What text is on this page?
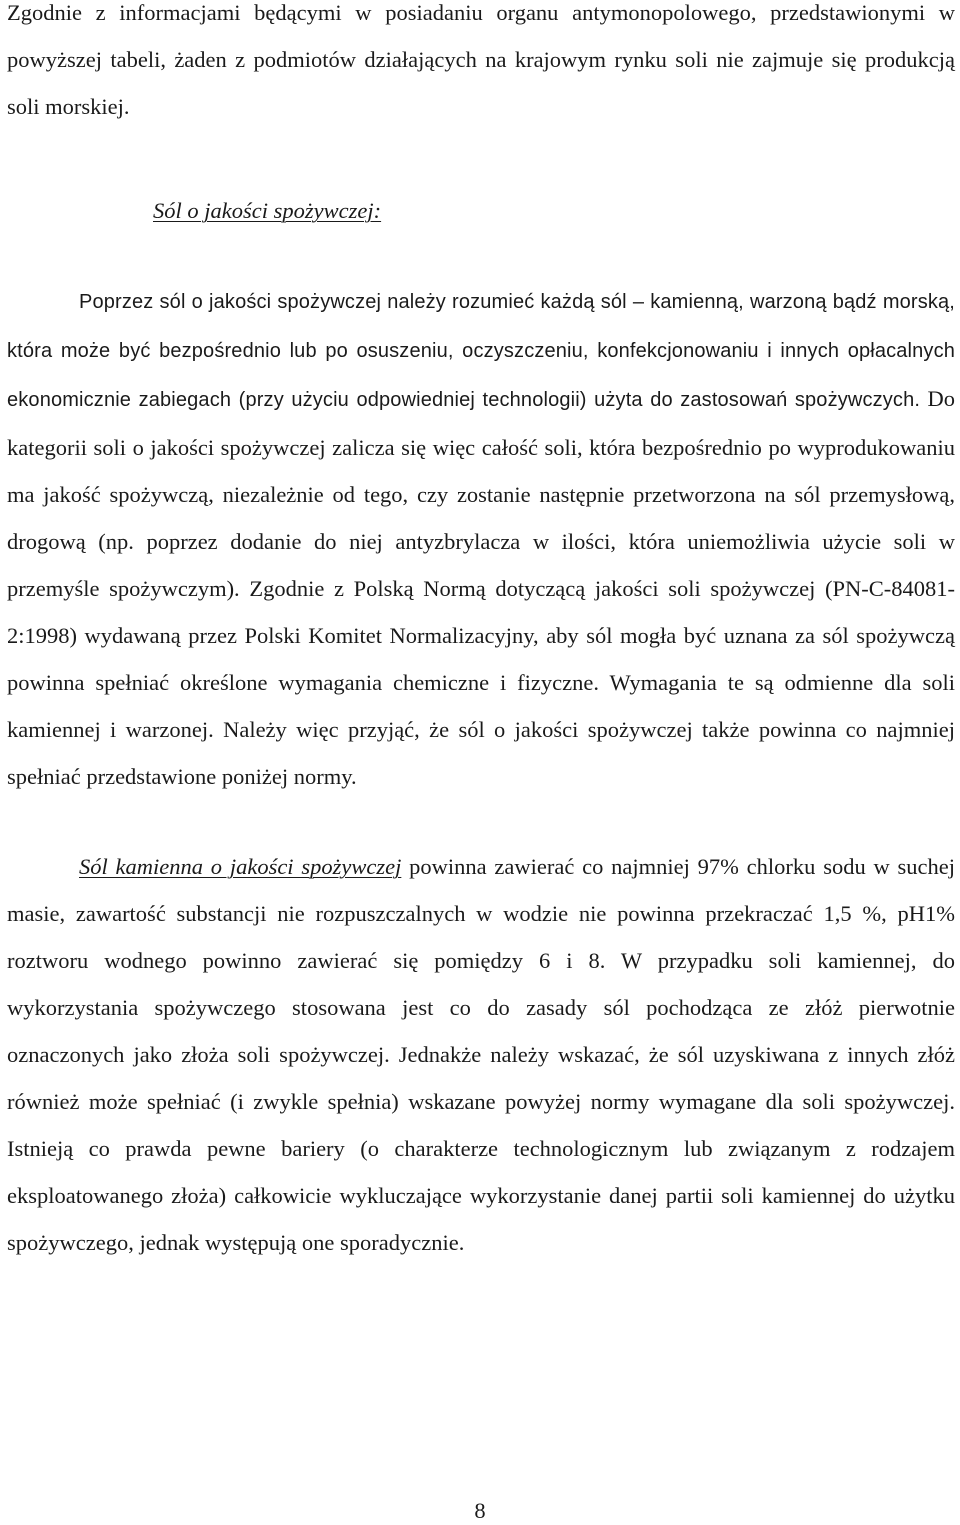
Zgodnie z informacjami będącymi w posiadaniu organu antymonopolowego, przedstawionymi w powyższej tabeli, żaden z podmiotów działających na krajowym rynku soli nie zajmuje się produkcją soli morskiej.

Sól o jakości spożywczej:

Poprzez sól o jakości spożywczej należy rozumieć każdą sól – kamienną, warzoną bądź morską, która może być bezpośrednio lub po osuszeniu, oczyszczeniu, konfekcjonowaniu i innych opłacalnych ekonomicznie zabiegach (przy użyciu odpowiedniej technologii) użyta do zastosowań spożywczych. Do kategorii soli o jakości spożywczej zalicza się więc całość soli, która bezpośrednio po wyprodukowaniu ma jakość spożywczą, niezależnie od tego, czy zostanie następnie przetworzona na sól przemysłową, drogową (np. poprzez dodanie do niej antyzbrylacza w ilości, która uniemożliwia użycie soli w przemyśle spożywczym). Zgodnie z Polską Normą dotyczącą jakości soli spożywczej (PN-C-84081-2:1998) wydawaną przez Polski Komitet Normalizacyjny, aby sól mogła być uznana za sól spożywczą powinna spełniać określone wymagania chemiczne i fizyczne. Wymagania te są odmienne dla soli kamiennej i warzonej. Należy więc przyjąć, że sól o jakości spożywczej także powinna co najmniej spełniać przedstawione poniżej normy.

Sól kamienna o jakości spożywczej powinna zawierać co najmniej 97% chlorku sodu w suchej masie, zawartość substancji nie rozpuszczalnych w wodzie nie powinna przekraczać 1,5 %, pH1% roztworu wodnego powinno zawierać się pomiędzy 6 i 8. W przypadku soli kamiennej, do wykorzystania spożywczego stosowana jest co do zasady sól pochodząca ze złóż pierwotnie oznaczonych jako złoża soli spożywczej. Jednakże należy wskazać, że sól uzyskiwana z innych złóż również może spełniać (i zwykle spełnia) wskazane powyżej normy wymagane dla soli spożywczej. Istnieją co prawda pewne bariery (o charakterze technologicznym lub związanym z rodzajem eksploatowanego złoża) całkowicie wykluczające wykorzystanie danej partii soli kamiennej do użytku spożywczego, jednak występują one sporadycznie.

8
